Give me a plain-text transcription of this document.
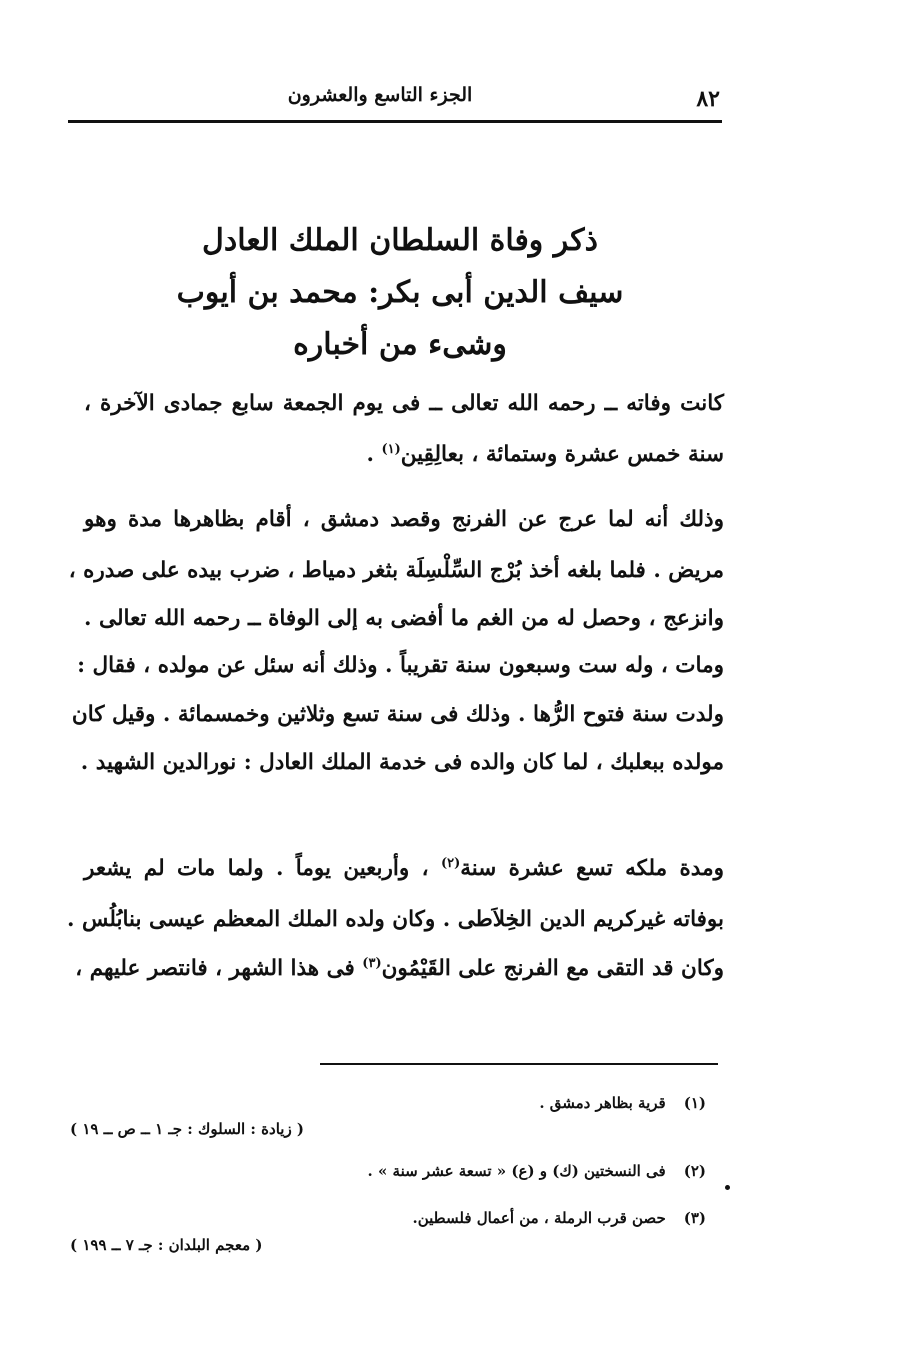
الجزء التاسع والعشرون	٨٢
ذكر وفاة السلطان الملك العادل
سيف الدين أبى بكر: محمد بن أيوب
وشىء من أخباره
كانت وفاته ــ رحمه الله تعالى ــ فى يوم الجمعة سابع جمادى الآخرة ،
سنة خمس عشرة وستمائة ، بعالِقِين$^{(١)}$ .
وذلك أنه لما عرج عن الفرنج وقصد دمشق ، أقام بظاهرها مدة وهو
مريض . فلما بلغه أخذ بُرْج السِّلْسِلَة بثغر دمياط ، ضرب بيده على صدره ،
وانزعج ، وحصل له من الغم ما أفضى به إلى الوفاة ــ رحمه الله تعالى .
ومات ، وله ست وسبعون سنة تقريباً . وذلك أنه سئل عن مولده ، فقال :
ولدت سنة فتوح الرُّها . وذلك فى سنة تسع وثلاثين وخمسمائة . وقيل كان
مولده ببعلبك ، لما كان والده فى خدمة الملك العادل : نورالدين الشهيد .
ومدة ملكه تسع عشرة سنة$^{(٢)}$ ، وأربعين يوماً . ولما مات لم يشعر
بوفاته غيركريم الدين الخِلاَطى . وكان ولده الملك المعظم عيسى بنابُلُس .
وكان قد التقى مع الفرنج على القَيْمُون$^{(٣)}$ فى هذا الشهر ، فانتصر عليهم ،
(١)قرية بظاهر دمشق .
( زيادة : السلوك : جـ ١ ــ ص ــ ١٩ )
(٢)فى النسختين (ك) و (ع) « تسعة عشر سنة » .
(٣)حصن قرب الرملة ، من أعمال فلسطين.
( معجم البلدان : جـ ٧ ــ ١٩٩ )
